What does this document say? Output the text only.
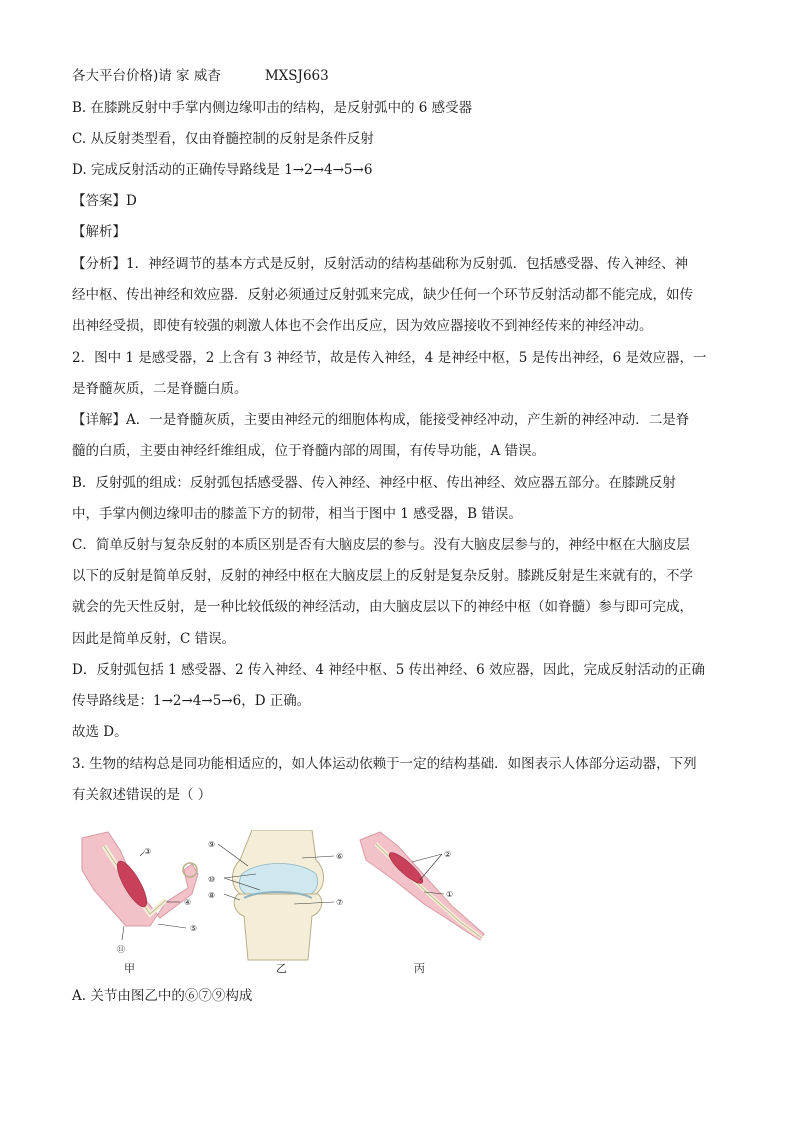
各大平台价格)请 家 威杳	MXSJ663
B. 在膝跳反射中手掌内侧边缘叩击的结构，是反射弧中的 6 感受器
C. 从反射类型看，仅由脊髓控制的反射是条件反射
D. 完成反射活动的正确传导路线是 1→2→4→5→6
【答案】D
【解析】
【分析】1．神经调节的基本方式是反射，反射活动的结构基础称为反射弧．包括感受器、传入神经、神
经中枢、传出神经和效应器．反射必须通过反射弧来完成，缺少任何一个环节反射活动都不能完成，如传
出神经受损，即使有较强的刺激人体也不会作出反应，因为效应器接收不到神经传来的神经冲动。
2．图中 1 是感受器，2 上含有 3 神经节，故是传入神经，4 是神经中枢，5 是传出神经，6 是效应器，一
是脊髓灰质，二是脊髓白质。
【详解】A．一是脊髓灰质，主要由神经元的细胞体构成，能接受神经冲动，产生新的神经冲动．二是脊
髓的白质，主要由神经纤维组成，位于脊髓内部的周围，有传导功能，A 错误。
B．反射弧的组成：反射弧包括感受器、传入神经、神经中枢、传出神经、效应器五部分。在膝跳反射
中，手掌内侧边缘叩击的膝盖下方的韧带，相当于图中 1 感受器，B 错误。
C．简单反射与复杂反射的本质区别是否有大脑皮层的参与。没有大脑皮层参与的，神经中枢在大脑皮层
以下的反射是简单反射，反射的神经中枢在大脑皮层上的反射是复杂反射。膝跳反射是生来就有的，不学
就会的先天性反射，是一种比较低级的神经活动，由大脑皮层以下的神经中枢（如脊髓）参与即可完成，
因此是简单反射，C 错误。
D．反射弧包括 1 感受器、2 传入神经、4 神经中枢、5 传出神经、6 效应器，因此，完成反射活动的正确
传导路线是：1→2→4→5→6，D 正确。
故选 D。
3. 生物的结构总是同功能相适应的，如人体运动依赖于一定的结构基础．如图表示人体部分运动器，下列
有关叙述错误的是（ ）
③
④
⑤
⑪
⑨
⑩
⑧
⑥
⑦
②
①
甲	乙	丙
A. 关节由图乙中的⑥⑦⑨构成
